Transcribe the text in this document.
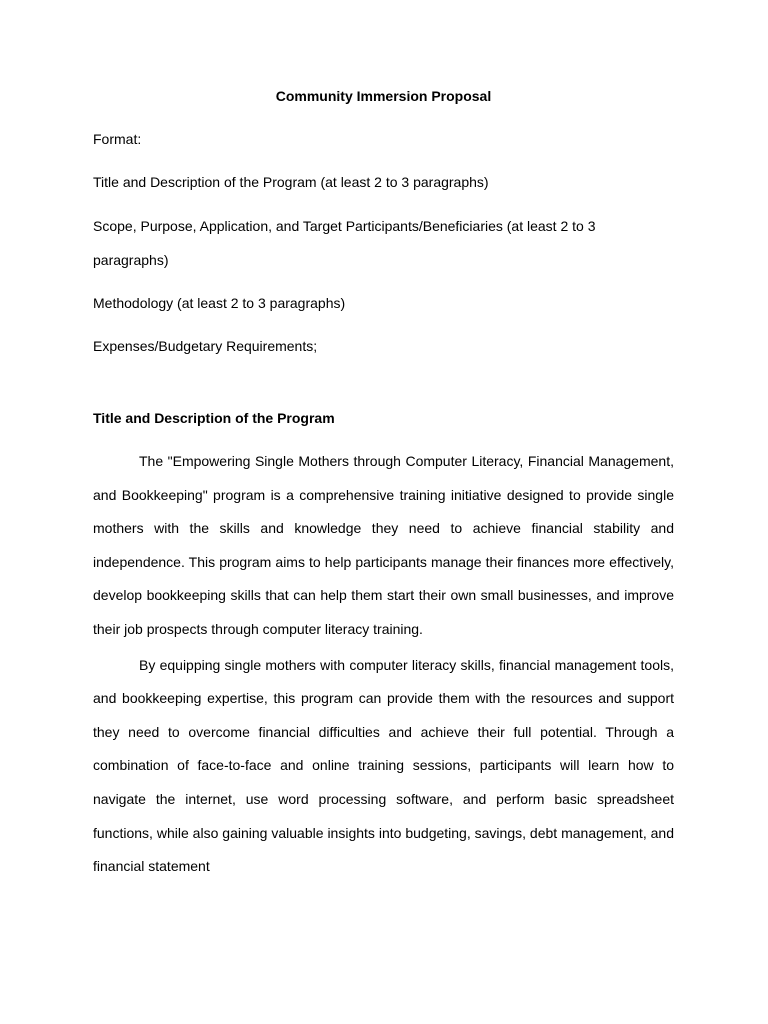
Community Immersion Proposal
Format:
Title and Description of the Program (at least 2 to 3 paragraphs)
Scope, Purpose, Application, and Target Participants/Beneficiaries (at least 2 to 3 paragraphs)
Methodology (at least 2 to 3 paragraphs)
Expenses/Budgetary Requirements;
Title and Description of the Program

The "Empowering Single Mothers through Computer Literacy, Financial Management, and Bookkeeping" program is a comprehensive training initiative designed to provide single mothers with the skills and knowledge they need to achieve financial stability and independence. This program aims to help participants manage their finances more effectively, develop bookkeeping skills that can help them start their own small businesses, and improve their job prospects through computer literacy training.

By equipping single mothers with computer literacy skills, financial management tools, and bookkeeping expertise, this program can provide them with the resources and support they need to overcome financial difficulties and achieve their full potential. Through a combination of face-to-face and online training sessions, participants will learn how to navigate the internet, use word processing software, and perform basic spreadsheet functions, while also gaining valuable insights into budgeting, savings, debt management, and financial statement
